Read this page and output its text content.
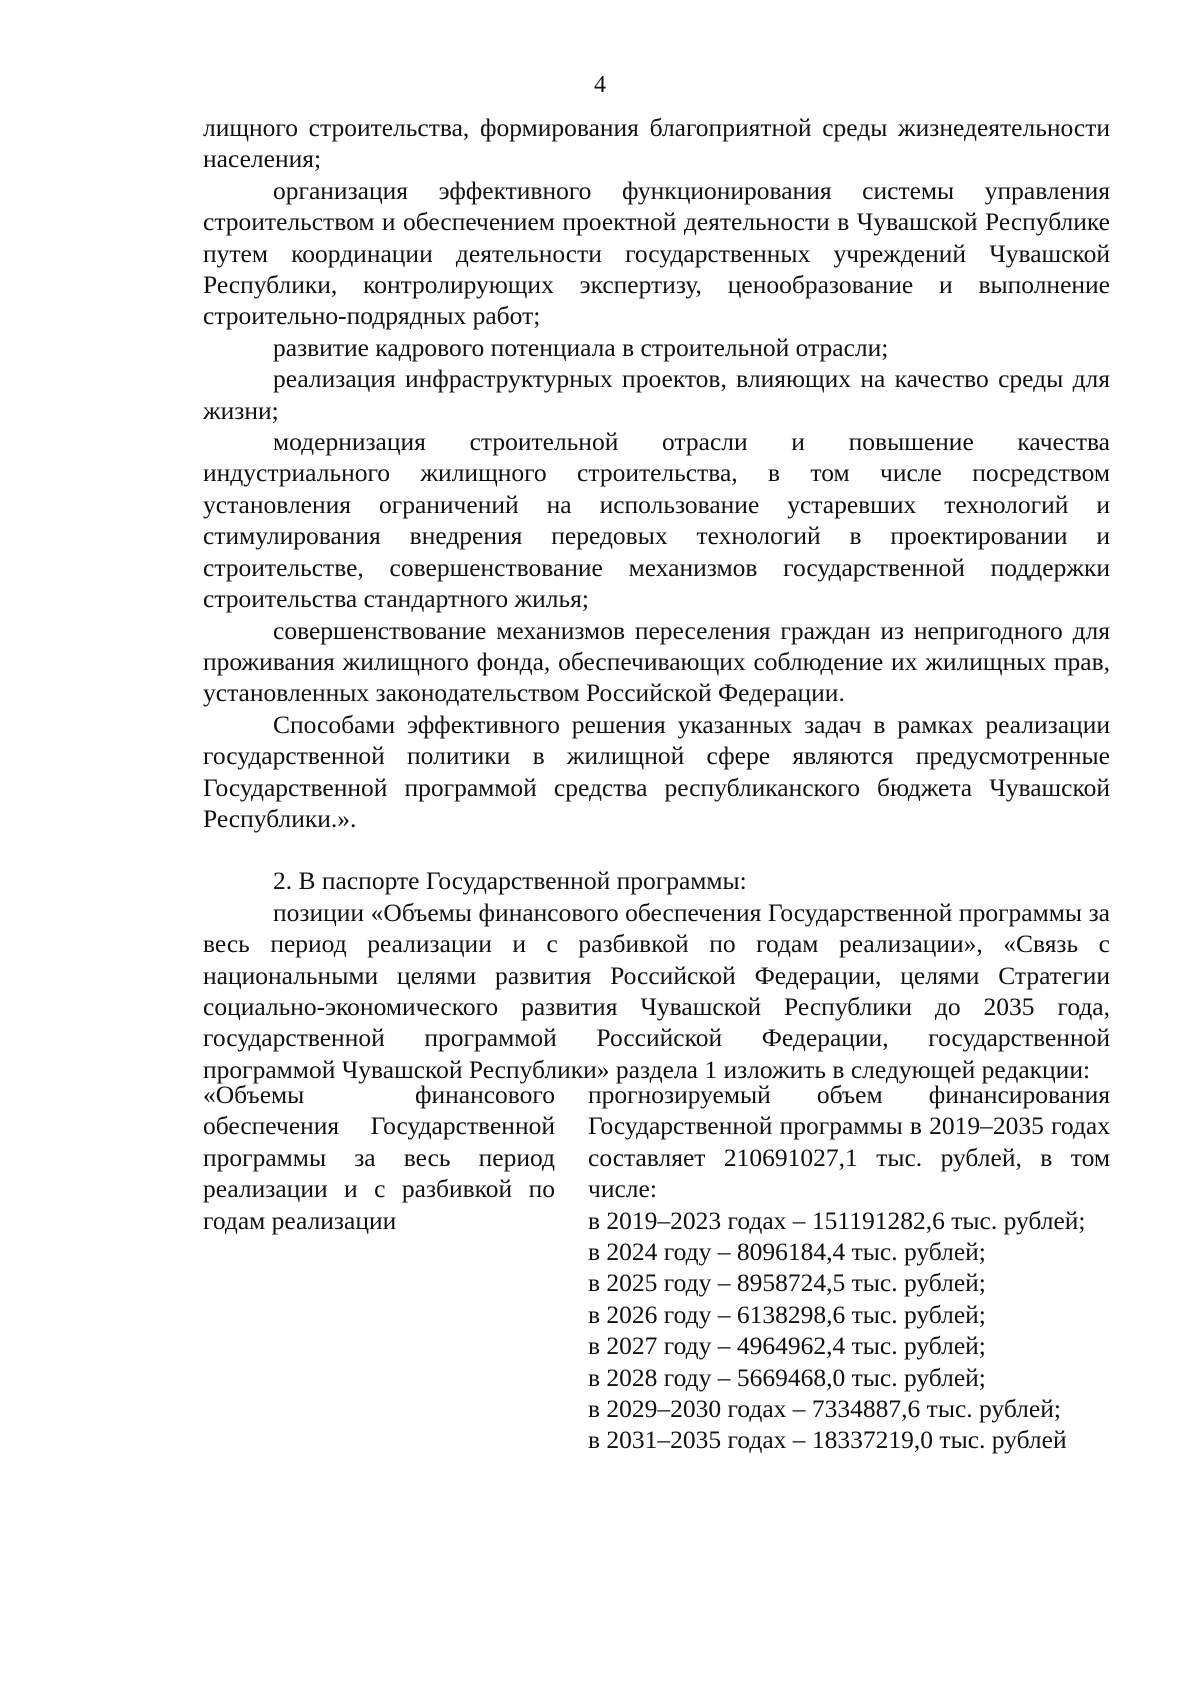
4

лищного строительства, формирования благоприятной среды жизнедеятельности населения;

организация эффективного функционирования системы управления строительством и обеспечением проектной деятельности в Чувашской Республике путем координации деятельности государственных учреждений Чувашской Республики, контролирующих экспертизу, ценообразование и выполнение строительно-подрядных работ;

развитие кадрового потенциала в строительной отрасли;

реализация инфраструктурных проектов, влияющих на качество среды для жизни;

модернизация строительной отрасли и повышение качества индустриального жилищного строительства, в том числе посредством установления ограничений на использование устаревших технологий и стимулирования внедрения передовых технологий в проектировании и строительстве, совершенствование механизмов государственной поддержки строительства стандартного жилья;

совершенствование механизмов переселения граждан из непригодного для проживания жилищного фонда, обеспечивающих соблюдение их жилищных прав, установленных законодательством Российской Федерации.

Способами эффективного решения указанных задач в рамках реализации государственной политики в жилищной сфере являются предусмотренные Государственной программой средства республиканского бюджета Чувашской Республики.».

2. В паспорте Государственной программы:

позиции «Объемы финансового обеспечения Государственной программы за весь период реализации и с разбивкой по годам реализации», «Связь с национальными целями развития Российской Федерации, целями Стратегии социально-экономического развития Чувашской Республики до 2035 года, государственной программой Российской Федерации, государственной программой Чувашской Республики» раздела 1 изложить в следующей редакции:

«Объемы финансового обеспечения Государственной программы за весь период реализации и с разбивкой по годам реализации

прогнозируемый объем финансирования Государственной программы в 2019–2035 годах составляет 210691027,1 тыс. рублей, в том числе:

в 2019–2023 годах – 151191282,6 тыс. рублей;

в 2024 году – 8096184,4 тыс. рублей;

в 2025 году – 8958724,5 тыс. рублей;

в 2026 году – 6138298,6 тыс. рублей;

в 2027 году – 4964962,4 тыс. рублей;

в 2028 году – 5669468,0 тыс. рублей;

в 2029–2030 годах – 7334887,6 тыс. рублей;

в 2031–2035 годах – 18337219,0 тыс. рублей
